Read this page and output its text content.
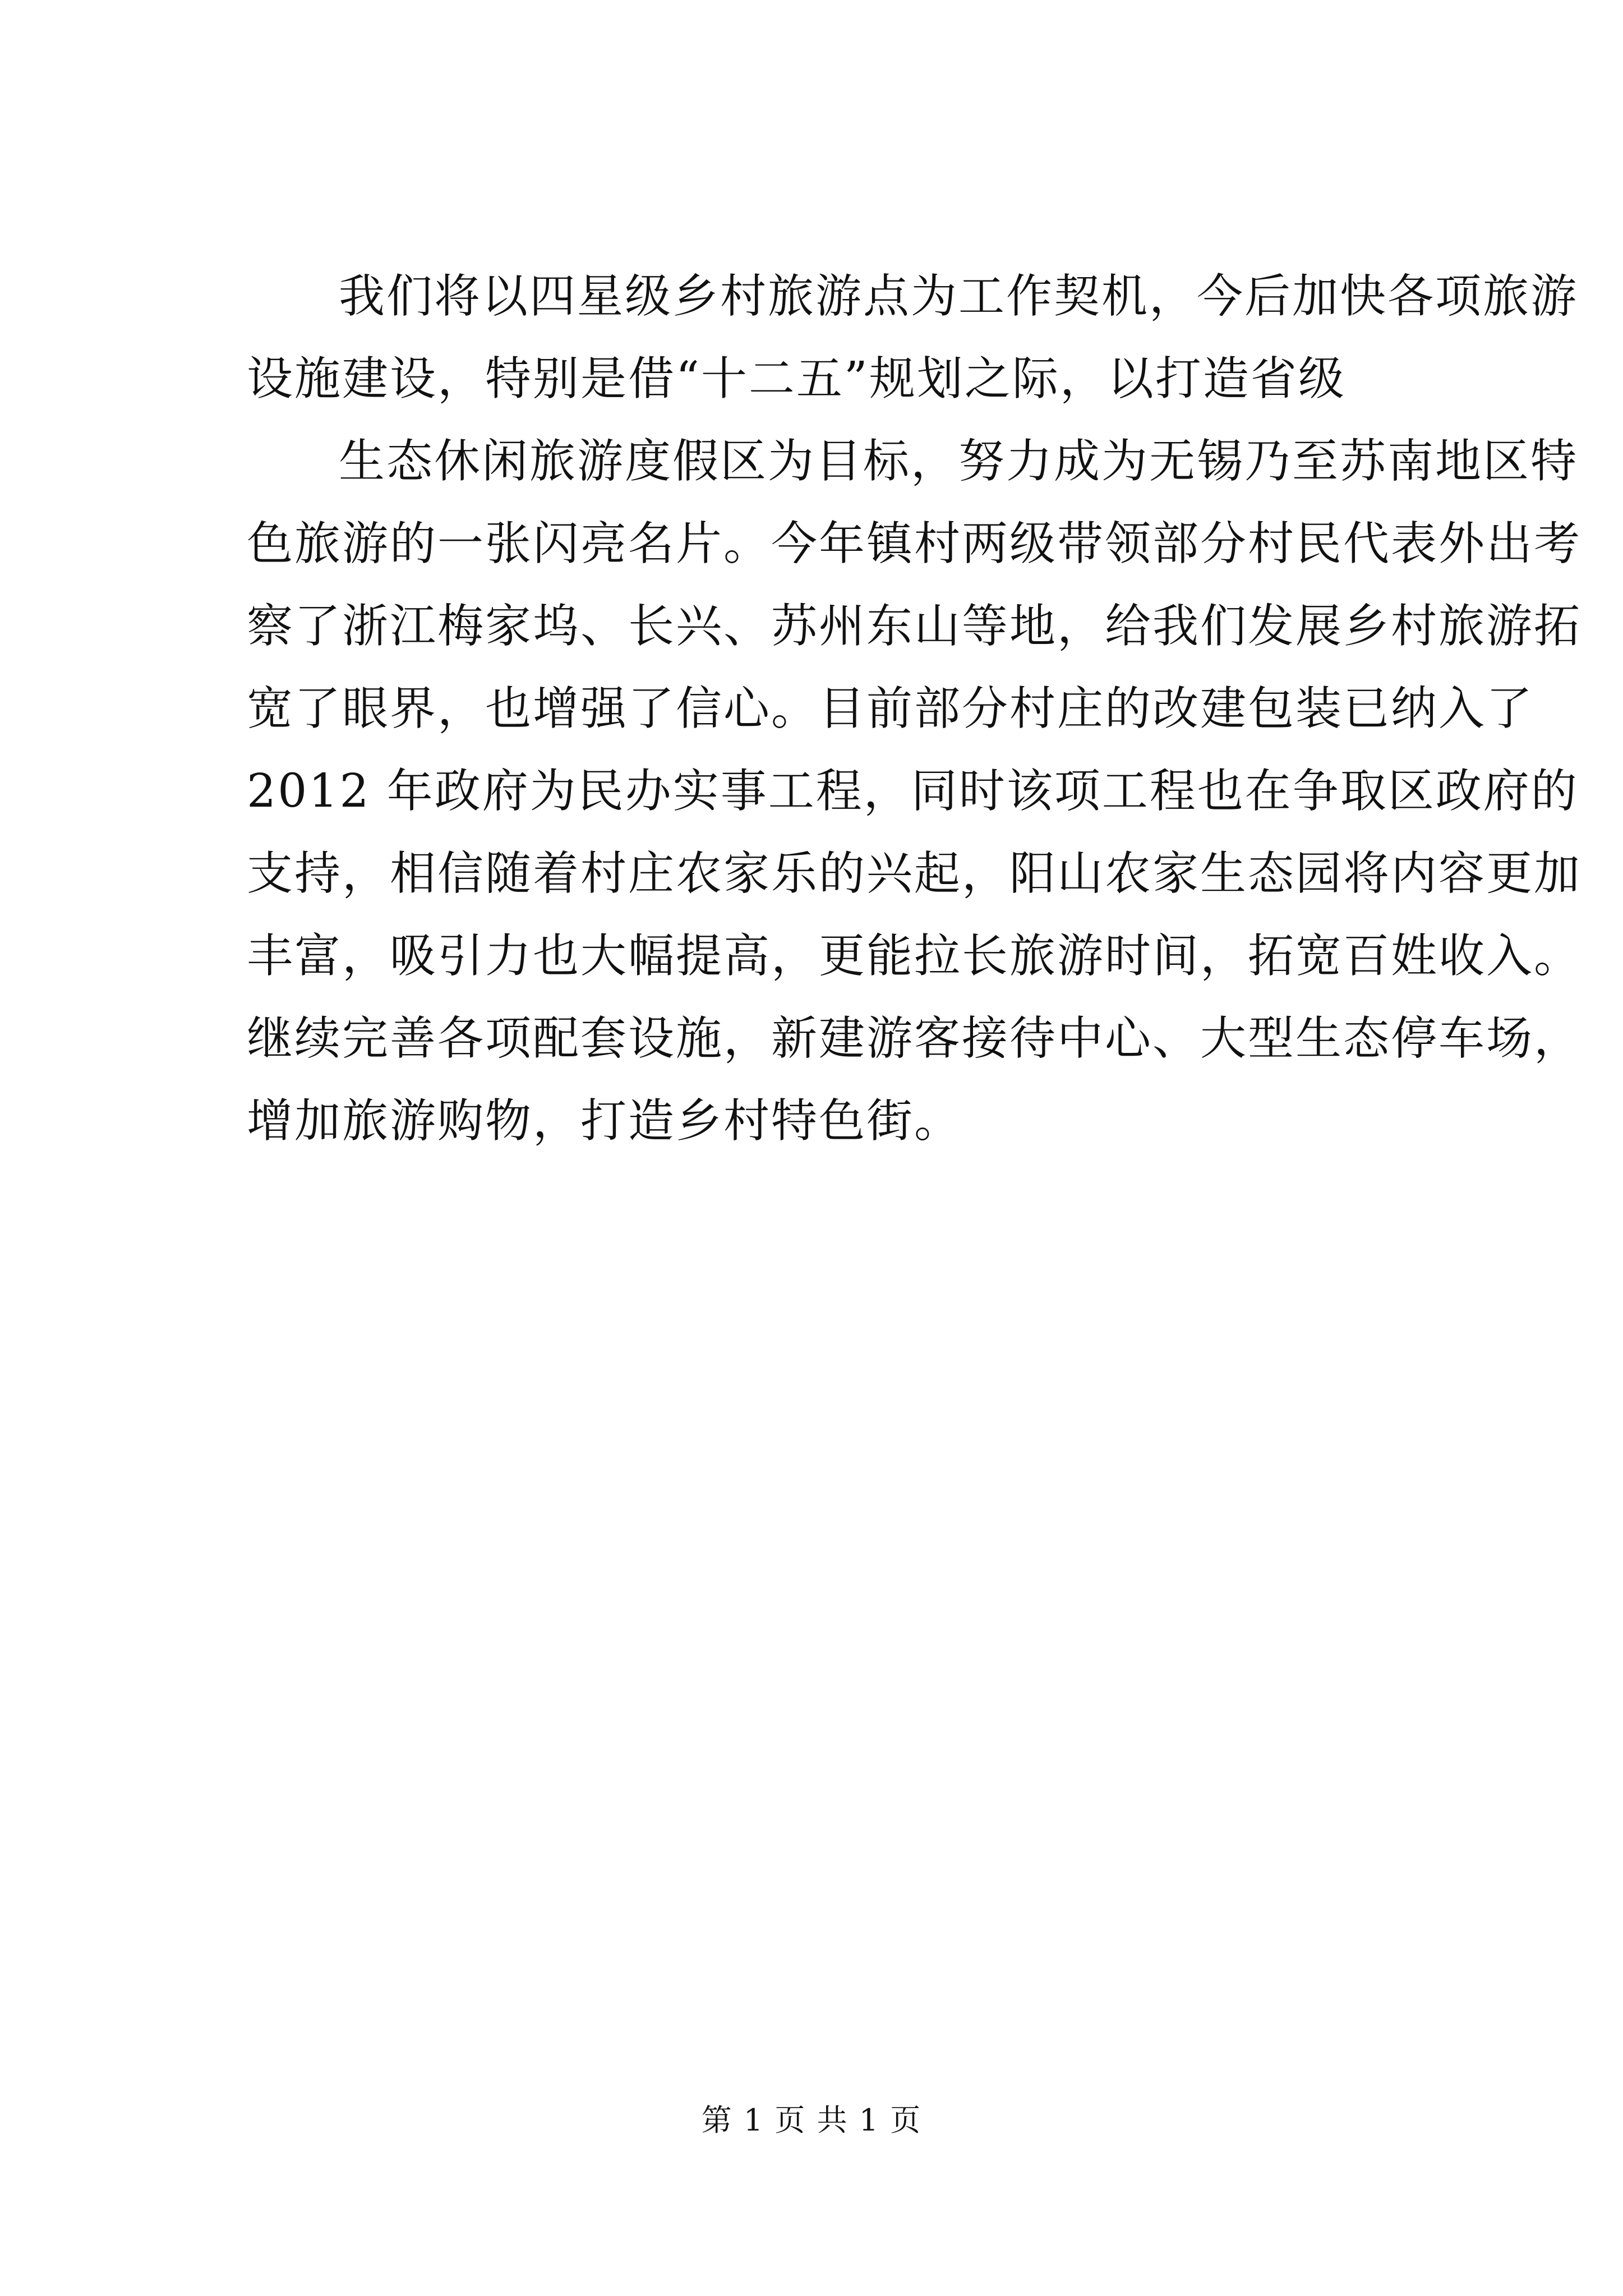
我们将以四星级乡村旅游点为工作契机，今后加快各项旅游
设施建设，特别是借“十二五”规划之际，以打造省级

生态休闲旅游度假区为目标，努力成为无锡乃至苏南地区特
色旅游的一张闪亮名片。今年镇村两级带领部分村民代表外出考
察了浙江梅家坞、长兴、苏州东山等地，给我们发展乡村旅游拓
宽了眼界，也增强了信心。目前部分村庄的改建包装已纳入了
2012 年政府为民办实事工程，同时该项工程也在争取区政府的
支持，相信随着村庄农家乐的兴起，阳山农家生态园将内容更加
丰富，吸引力也大幅提高，更能拉长旅游时间，拓宽百姓收入。
继续完善各项配套设施，新建游客接待中心、大型生态停车场，
增加旅游购物，打造乡村特色街。

第 1 页 共 1 页
